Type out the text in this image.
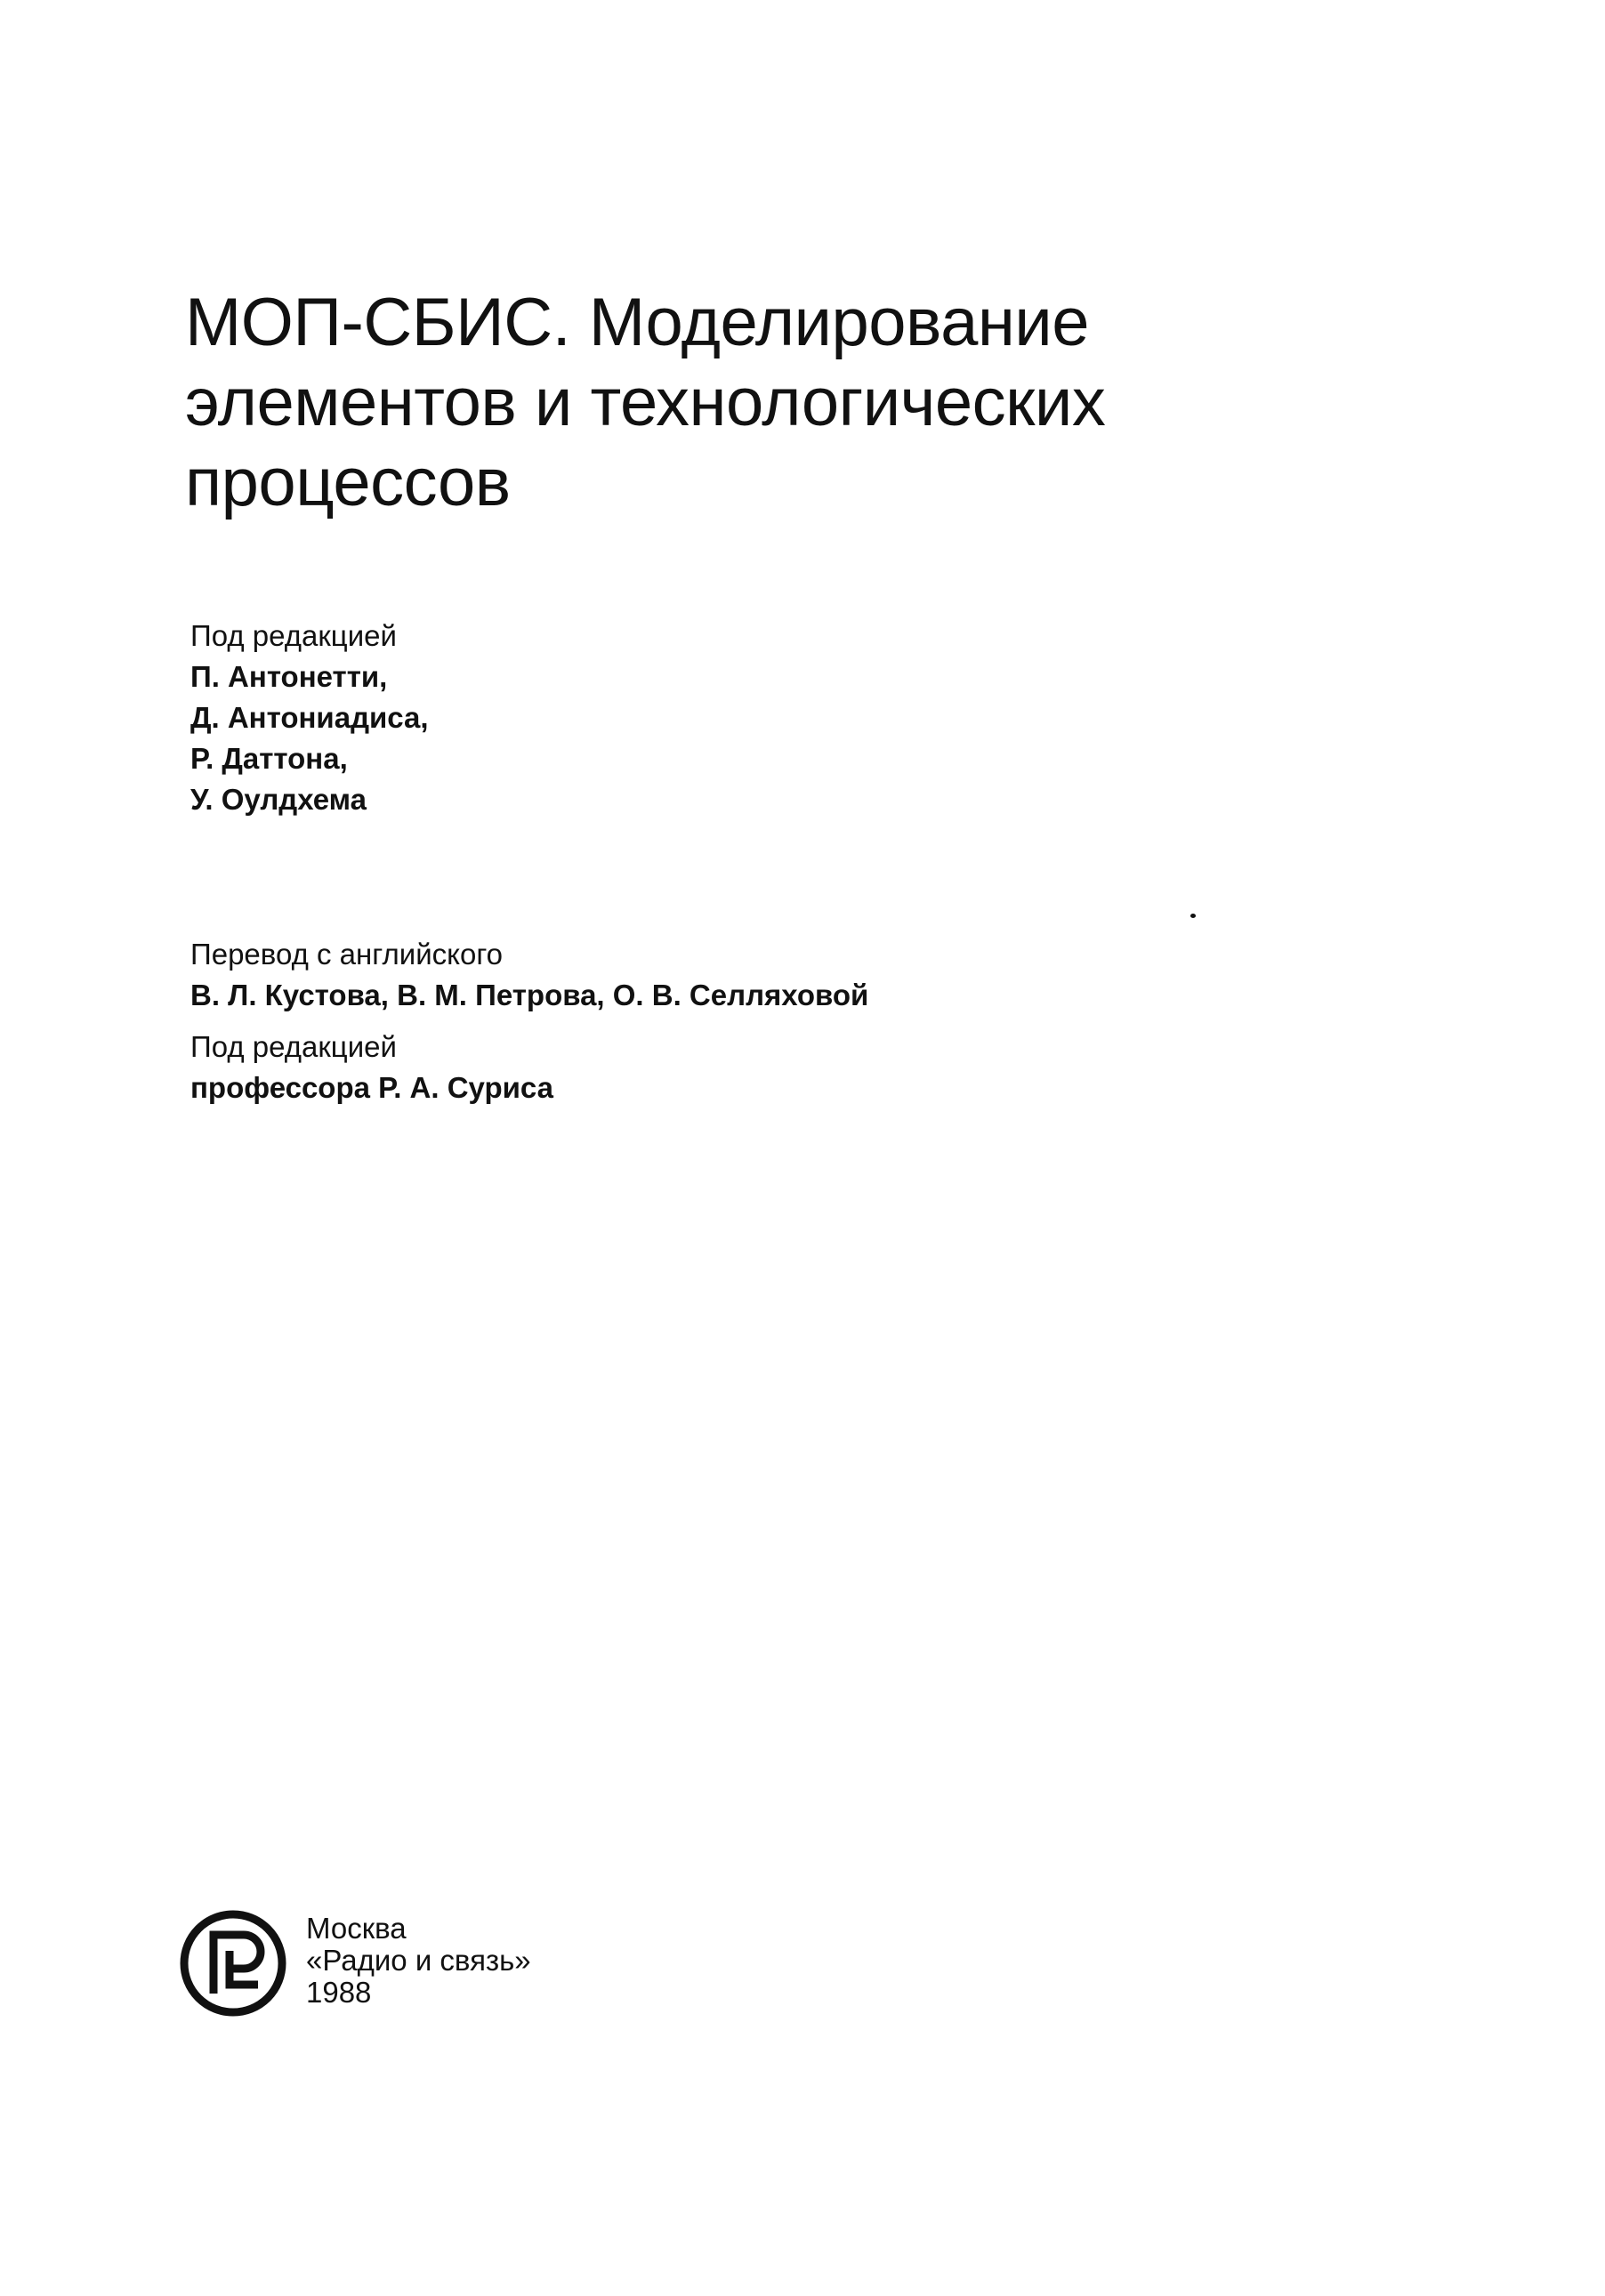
МОП-СБИС. Моделирование
элементов и технологических
процессов
Под редакцией
П. Антонетти,
Д. Антониадиса,
Р. Даттона,
У. Оулдхема
Перевод с английского
В. Л. Кустова, В. М. Петрова, О. В. Селляховой
Под редакцией
профессора Р. А. Суриса
Москва
«Радио и связь»
1988
